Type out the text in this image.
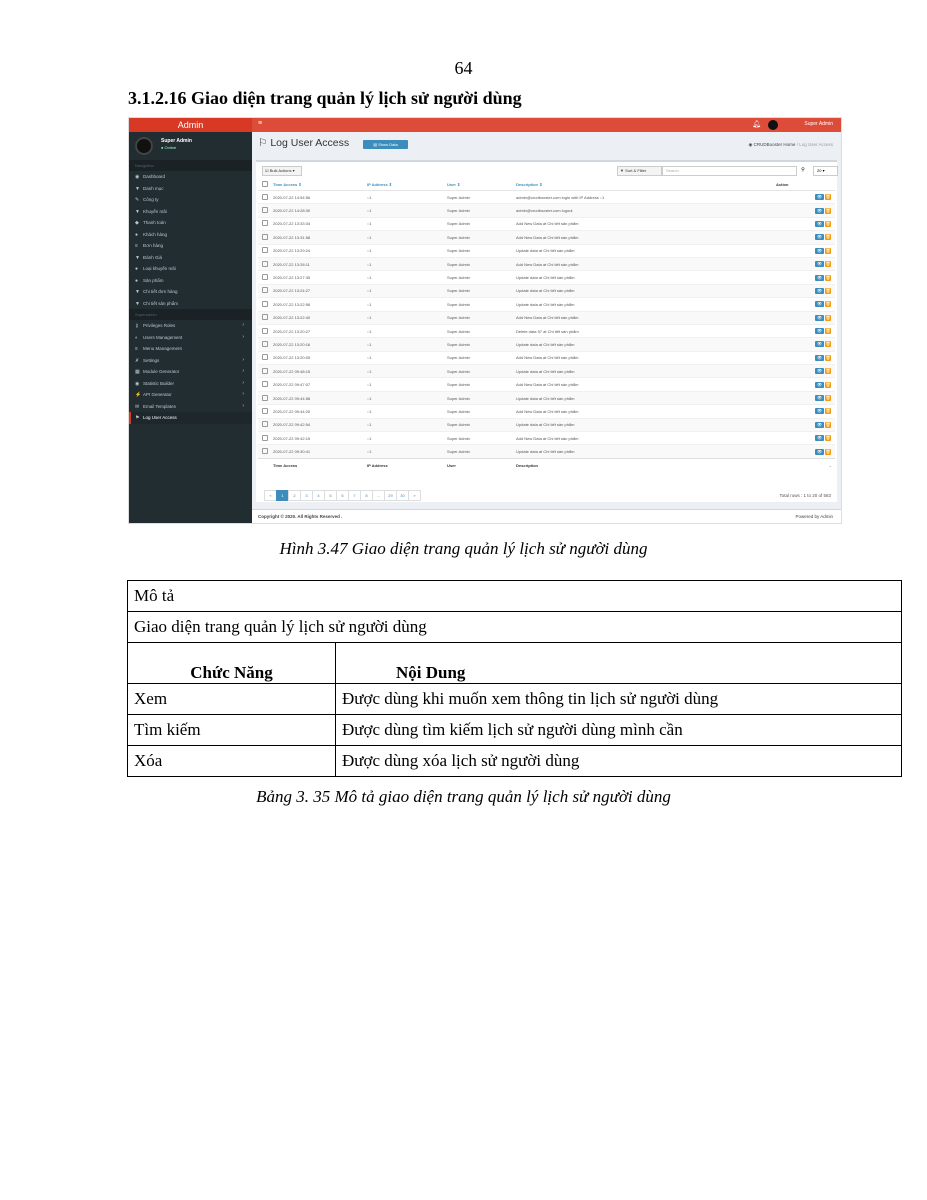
64
3.1.2.16 Giao diện trang quản lý lịch sử người dùng
Admin
Super Admin
● Online
Navigation
◉ Dashboard
▼ Danh mục
✎ Công ty
▼ Khuyến mãi
◆ Thanh toán
● Khách hàng
≡ Đơn hàng
▼ Đánh Giá
● Loại khuyến mãi
● Sản phẩm
▼ Chi tiết đơn hàng
▼ Chi tiết sản phẩm
Superadmin
⚷ Privileges Roles	›
◐ Users Management	›
≡ Menu Management
✗ Settings	›
▦ Module Generator	›
◉ Statistic Builder	›
⚡ API Generator	›
✉ Email Templates	›
⚑ Log User Access
≡	🔔︎	Super Admin
⚐ Log User Access	▤ Show Data	◉ CRUDBooster Home / Log User Access
☑ Bulk Actions ▾	▼ Sort & Filter	Search	⚲	20 ▾
	Time Access ⇕	IP Address ⇕	User ⇕	Description ⇕	Action
	2020-07-22 14:54:56	::1	Super Admin	admin@crudbooster.com login with IP Address ::1	👁︎ 🗑︎
	2020-07-22 14:28:30	::1	Super Admin	admin@crudbooster.com logout	👁︎ 🗑︎
	2020-07-22 13:33:34	::1	Super Admin	Add New Data at Chi tiết sản phẩm	👁︎ 🗑︎
	2020-07-22 13:31:58	::1	Super Admin	Add New Data at Chi tiết sản phẩm	👁︎ 🗑︎
	2020-07-22 13:29:24	::1	Super Admin	Update data at Chi tiết sản phẩm	👁︎ 🗑︎
	2020-07-22 13:28:11	::1	Super Admin	Add New Data at Chi tiết sản phẩm	👁︎ 🗑︎
	2020-07-22 13:27:35	::1	Super Admin	Update data at Chi tiết sản phẩm	👁︎ 🗑︎
	2020-07-22 13:24:27	::1	Super Admin	Update data at Chi tiết sản phẩm	👁︎ 🗑︎
	2020-07-22 13:22:56	::1	Super Admin	Update data at Chi tiết sản phẩm	👁︎ 🗑︎
	2020-07-22 13:22:40	::1	Super Admin	Add New Data at Chi tiết sản phẩm	👁︎ 🗑︎
	2020-07-22 13:20:27	::1	Super Admin	Delete data 57 at Chi tiết sản phẩm	👁︎ 🗑︎
	2020-07-22 13:20:16	::1	Super Admin	Update data at Chi tiết sản phẩm	👁︎ 🗑︎
	2020-07-22 13:20:05	::1	Super Admin	Add New Data at Chi tiết sản phẩm	👁︎ 🗑︎
	2020-07-22 09:48:15	::1	Super Admin	Update data at Chi tiết sản phẩm	👁︎ 🗑︎
	2020-07-22 09:47:07	::1	Super Admin	Add New Data at Chi tiết sản phẩm	👁︎ 🗑︎
	2020-07-22 09:44:58	::1	Super Admin	Update data at Chi tiết sản phẩm	👁︎ 🗑︎
	2020-07-22 09:44:20	::1	Super Admin	Add New Data at Chi tiết sản phẩm	👁︎ 🗑︎
	2020-07-22 09:42:54	::1	Super Admin	Update data at Chi tiết sản phẩm	👁︎ 🗑︎
	2020-07-22 09:42:15	::1	Super Admin	Add New Data at Chi tiết sản phẩm	👁︎ 🗑︎
	2020-07-22 09:30:41	::1	Super Admin	Update data at Chi tiết sản phẩm	👁︎ 🗑︎
	Time Access	IP Address	User	Description	-
«	1	2	3	4	5	6	7	8	...	29	30	»	Total rows : 1 to 20 of 583
Copyright © 2020. All Rights Reserved .	Powered by Admin
Hình 3.47 Giao diện trang quản lý lịch sử người dùng
Mô tả	
Giao diện trang quản lý lịch sử người dùng	
Chức Năng	Nội Dung
Xem	Được dùng khi muốn xem thông tin lịch sử người dùng
Tìm kiếm	Được dùng tìm kiếm lịch sử người dùng mình cần
Xóa	Được dùng xóa lịch sử người dùng
Bảng 3. 35 Mô tả giao diện trang quản lý lịch sử người dùng
